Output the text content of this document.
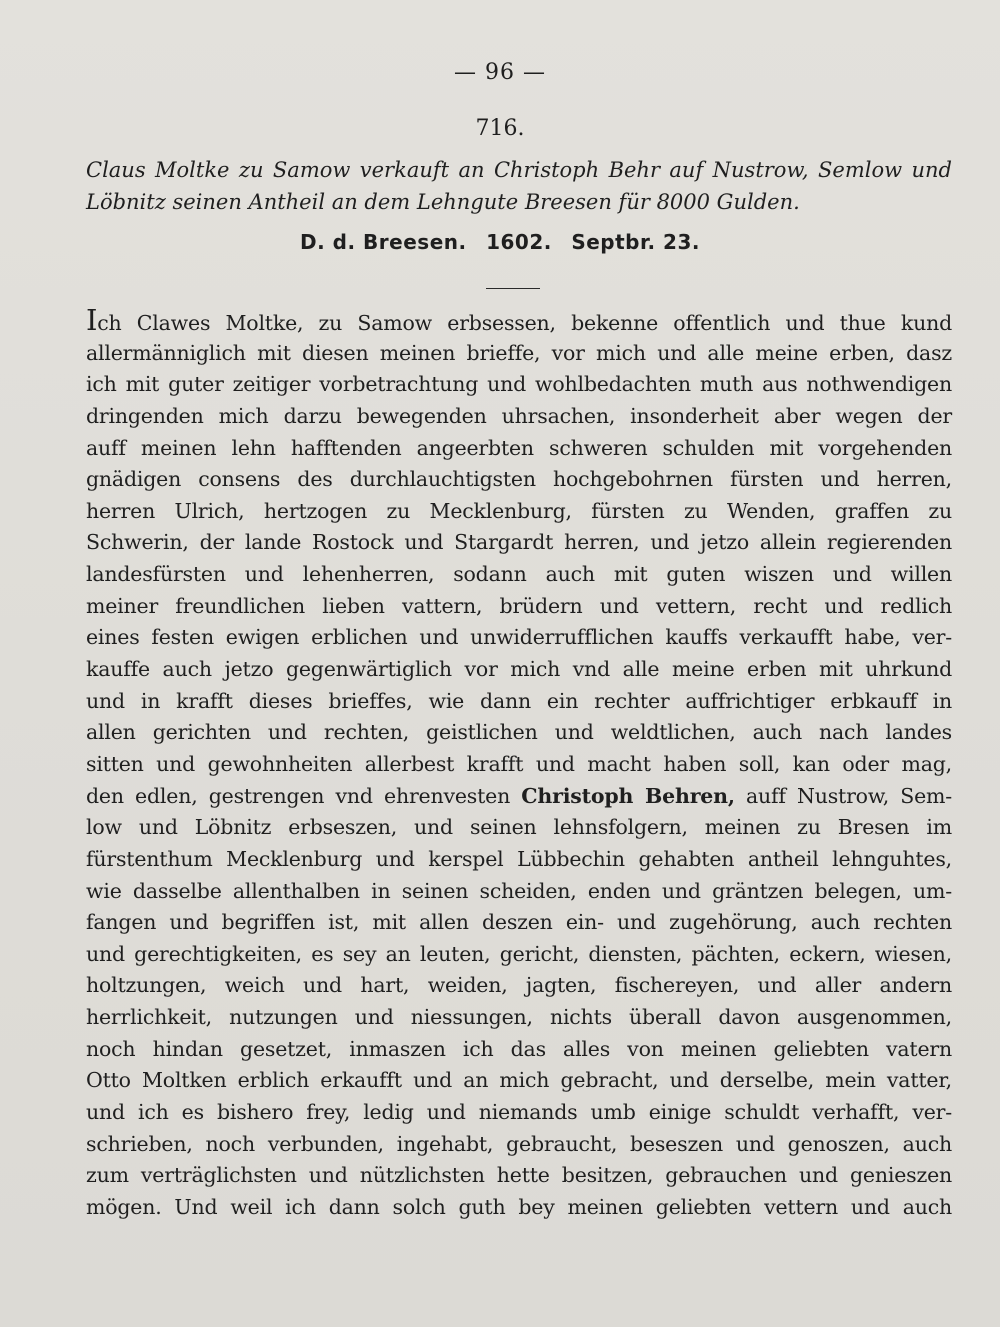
— 96 —
716.
Claus Moltke zu Samow verkauft an Christoph Behr auf Nustrow, Semlow und
Löbnitz seinen Antheil an dem Lehngute Breesen für 8000 Gulden.
D. d. Breesen. 1602. Septbr. 23.
Ich Clawes Moltke, zu Samow erbsessen, bekenne offentlich und thue kund
allermänniglich mit diesen meinen brieffe, vor mich und alle meine erben, dasz
ich mit guter zeitiger vorbetrachtung und wohlbedachten muth aus nothwendigen
dringenden mich darzu bewegenden uhrsachen, insonderheit aber wegen der
auff meinen lehn hafftenden angeerbten schweren schulden mit vorgehenden
gnädigen consens des durchlauchtigsten hochgebohrnen fürsten und herren,
herren Ulrich, hertzogen zu Mecklenburg, fürsten zu Wenden, graffen zu
Schwerin, der lande Rostock und Stargardt herren, und jetzo allein regierenden
landesfürsten und lehenherren, sodann auch mit guten wiszen und willen
meiner freundlichen lieben vattern, brüdern und vettern, recht und redlich
eines festen ewigen erblichen und unwiderrufflichen kauffs verkaufft habe, ver-
kauffe auch jetzo gegenwärtiglich vor mich vnd alle meine erben mit uhrkund
und in krafft dieses brieffes, wie dann ein rechter auffrichtiger erbkauff in
allen gerichten und rechten, geistlichen und weldtlichen, auch nach landes
sitten und gewohnheiten allerbest krafft und macht haben soll, kan oder mag,
den edlen, gestrengen vnd ehrenvesten Christoph Behren, auff Nustrow, Sem-
low und Löbnitz erbseszen, und seinen lehnsfolgern, meinen zu Bresen im
fürstenthum Mecklenburg und kerspel Lübbechin gehabten antheil lehnguhtes,
wie dasselbe allenthalben in seinen scheiden, enden und gräntzen belegen, um-
fangen und begriffen ist, mit allen deszen ein- und zugehörung, auch rechten
und gerechtigkeiten, es sey an leuten, gericht, diensten, pächten, eckern, wiesen,
holtzungen, weich und hart, weiden, jagten, fischereyen, und aller andern
herrlichkeit, nutzungen und niessungen, nichts überall davon ausgenommen,
noch hindan gesetzet, inmaszen ich das alles von meinen geliebten vatern
Otto Moltken erblich erkaufft und an mich gebracht, und derselbe, mein vatter,
und ich es bishero frey, ledig und niemands umb einige schuldt verhafft, ver-
schrieben, noch verbunden, ingehabt, gebraucht, beseszen und genoszen, auch
zum verträglichsten und nützlichsten hette besitzen, gebrauchen und genieszen
mögen. Und weil ich dann solch guth bey meinen geliebten vettern und auch
